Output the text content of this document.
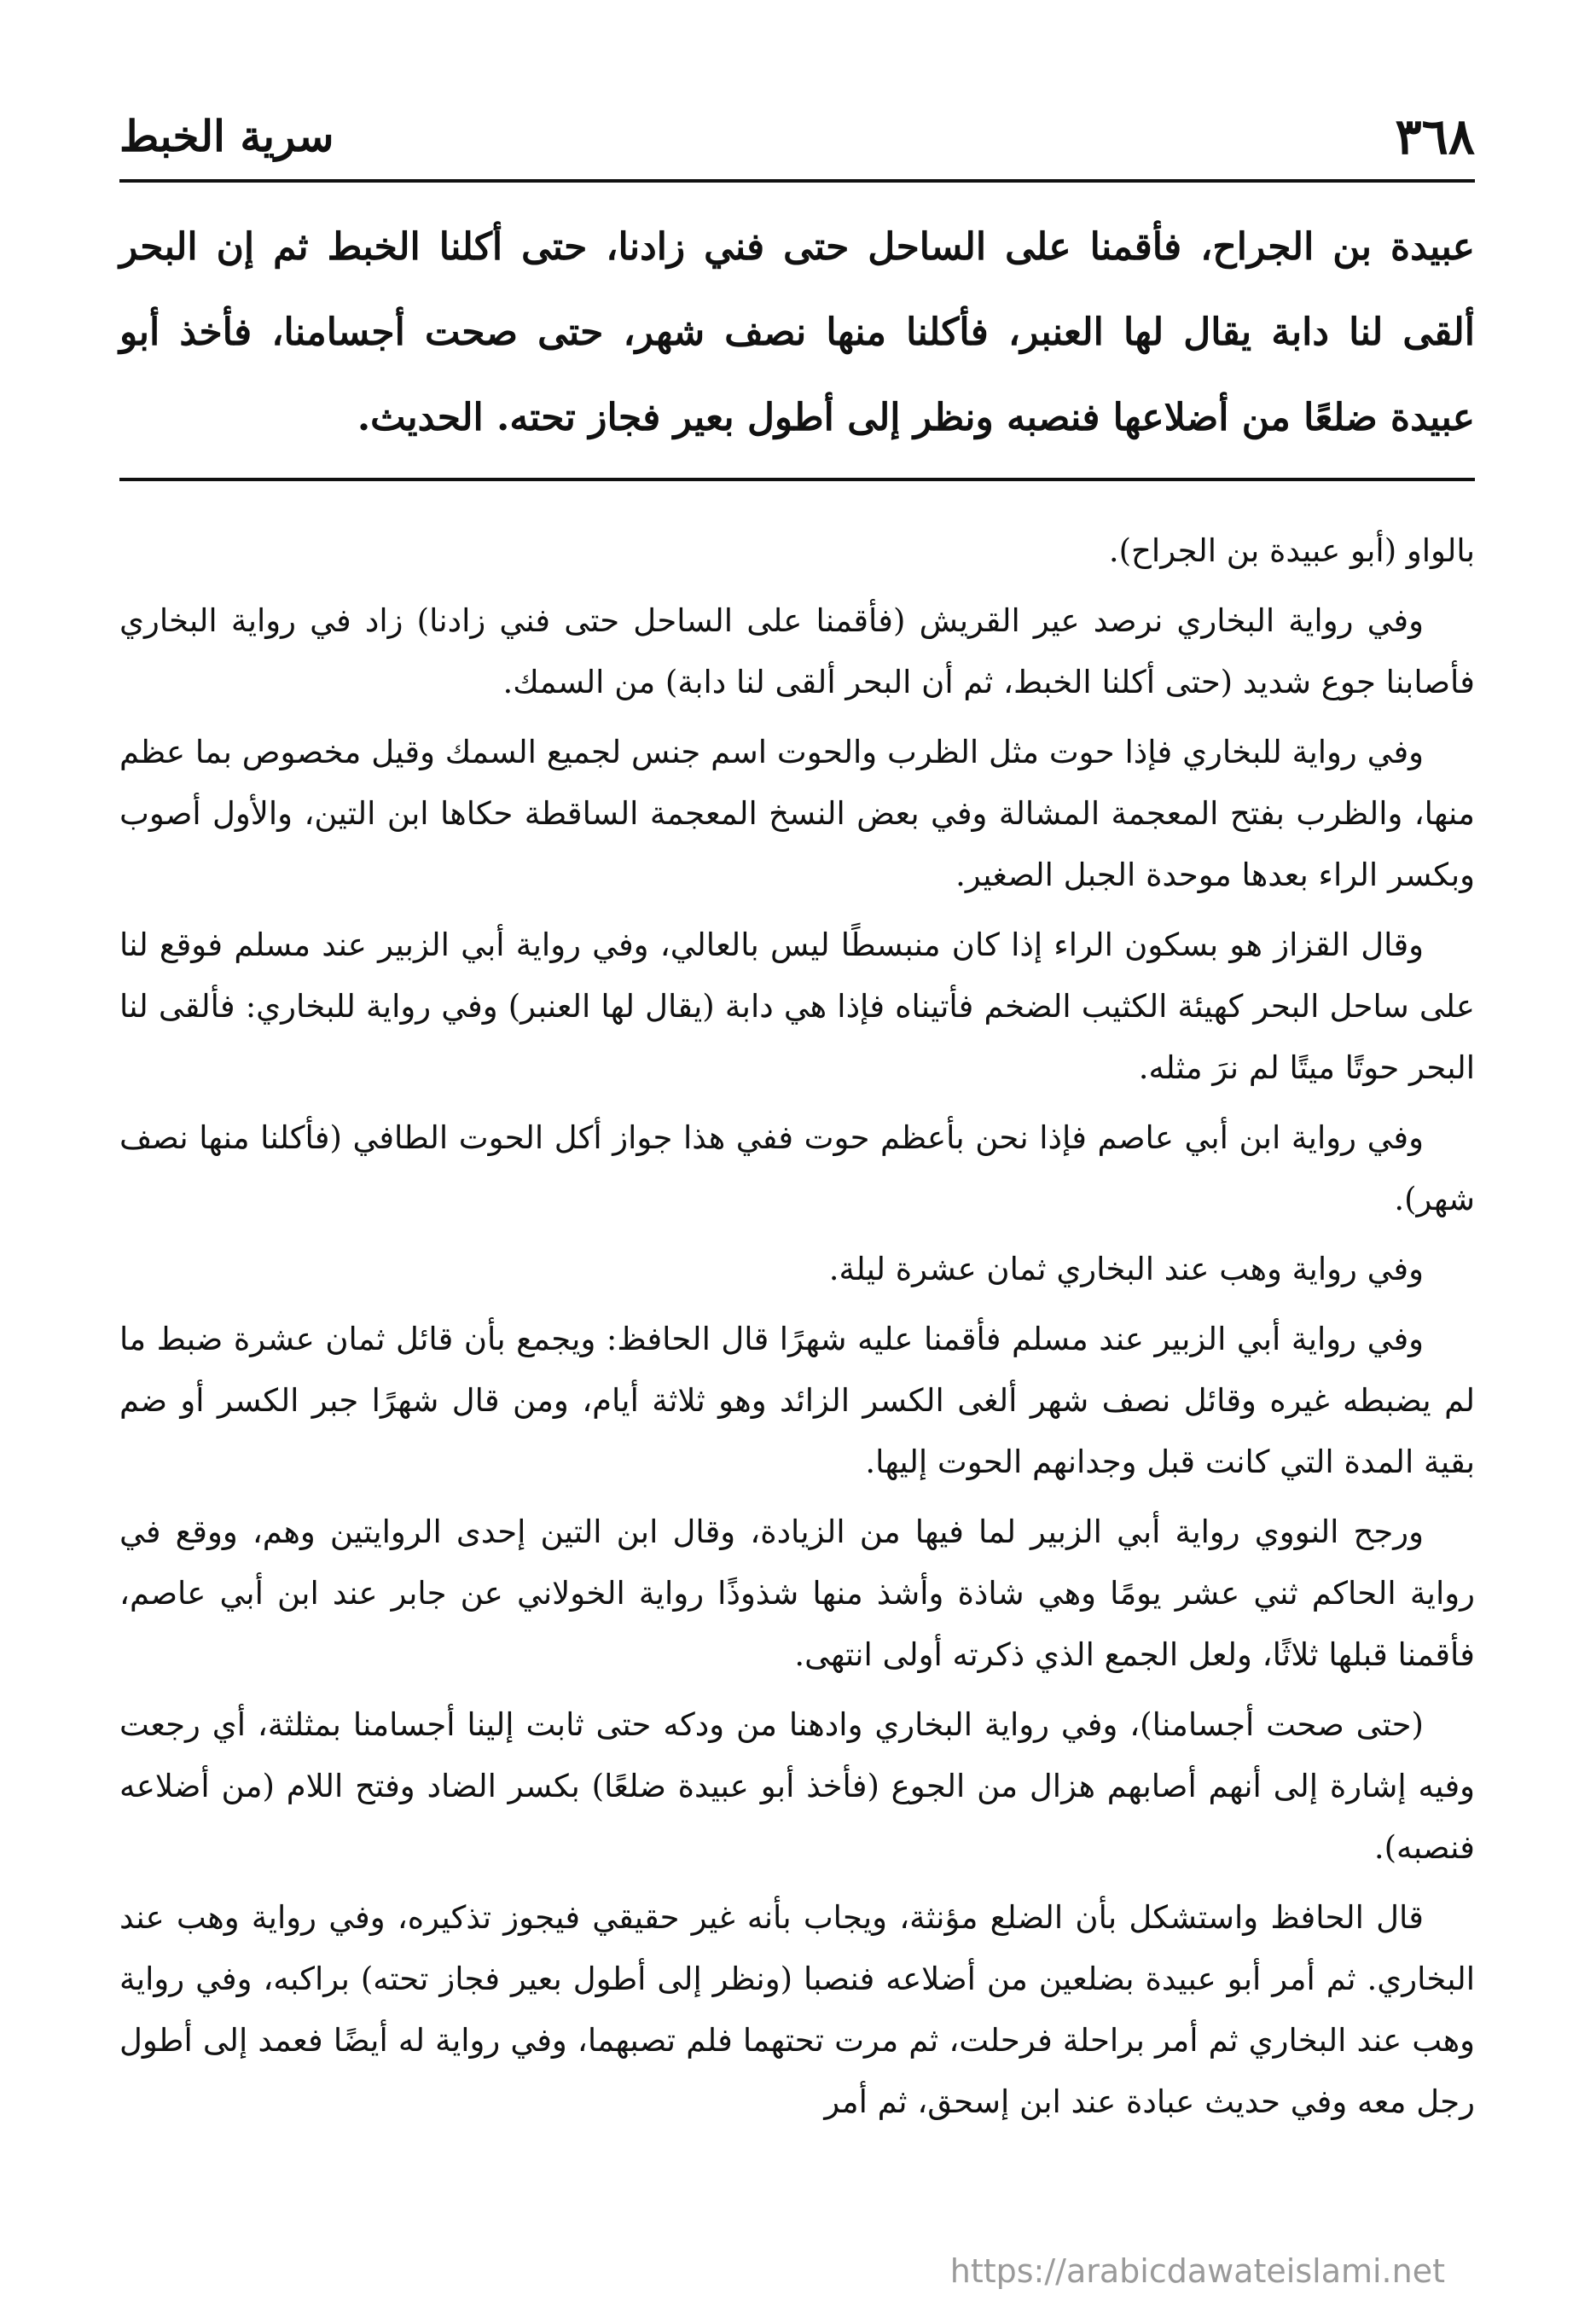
٣٦٨
سرية الخبط
عبيدة بن الجراح، فأقمنا على الساحل حتى فني زادنا، حتى أكلنا الخبط ثم إن البحر ألقى لنا دابة يقال لها العنبر، فأكلنا منها نصف شهر، حتى صحت أجسامنا، فأخذ أبو عبيدة ضلعًا من أضلاعها فنصبه ونظر إلى أطول بعير فجاز تحته. الحديث.

بالواو (أبو عبيدة بن الجراح).

وفي رواية البخاري نرصد عير القريش (فأقمنا على الساحل حتى فني زادنا) زاد في رواية البخاري فأصابنا جوع شديد (حتى أكلنا الخبط، ثم أن البحر ألقى لنا دابة) من السمك.

وفي رواية للبخاري فإذا حوت مثل الظرب والحوت اسم جنس لجميع السمك وقيل مخصوص بما عظم منها، والظرب بفتح المعجمة المشالة وفي بعض النسخ المعجمة الساقطة حكاها ابن التين، والأول أصوب وبكسر الراء بعدها موحدة الجبل الصغير.

وقال القزاز هو بسكون الراء إذا كان منبسطًا ليس بالعالي، وفي رواية أبي الزبير عند مسلم فوقع لنا على ساحل البحر كهيئة الكثيب الضخم فأتيناه فإذا هي دابة (يقال لها العنبر) وفي رواية للبخاري: فألقى لنا البحر حوتًا ميتًا لم نرَ مثله.

وفي رواية ابن أبي عاصم فإذا نحن بأعظم حوت ففي هذا جواز أكل الحوت الطافي (فأكلنا منها نصف شهر).

وفي رواية وهب عند البخاري ثمان عشرة ليلة.

وفي رواية أبي الزبير عند مسلم فأقمنا عليه شهرًا قال الحافظ: ويجمع بأن قائل ثمان عشرة ضبط ما لم يضبطه غيره وقائل نصف شهر ألغى الكسر الزائد وهو ثلاثة أيام، ومن قال شهرًا جبر الكسر أو ضم بقية المدة التي كانت قبل وجدانهم الحوت إليها.

ورجح النووي رواية أبي الزبير لما فيها من الزيادة، وقال ابن التين إحدى الروايتين وهم، ووقع في رواية الحاكم ثني عشر يومًا وهي شاذة وأشذ منها شذوذًا رواية الخولاني عن جابر عند ابن أبي عاصم، فأقمنا قبلها ثلاثًا، ولعل الجمع الذي ذكرته أولى انتهى.

(حتى صحت أجسامنا)، وفي رواية البخاري وادهنا من ودكه حتى ثابت إلينا أجسامنا بمثلثة، أي رجعت وفيه إشارة إلى أنهم أصابهم هزال من الجوع (فأخذ أبو عبيدة ضلعًا) بكسر الضاد وفتح اللام (من أضلاعه فنصبه).

قال الحافظ واستشكل بأن الضلع مؤنثة، ويجاب بأنه غير حقيقي فيجوز تذكيره، وفي رواية وهب عند البخاري. ثم أمر أبو عبيدة بضلعين من أضلاعه فنصبا (ونظر إلى أطول بعير فجاز تحته) براكبه، وفي رواية وهب عند البخاري ثم أمر براحلة فرحلت، ثم مرت تحتهما فلم تصبهما، وفي رواية له أيضًا فعمد إلى أطول رجل معه وفي حديث عبادة عند ابن إسحق، ثم أمر

https://arabicdawateislami.net
